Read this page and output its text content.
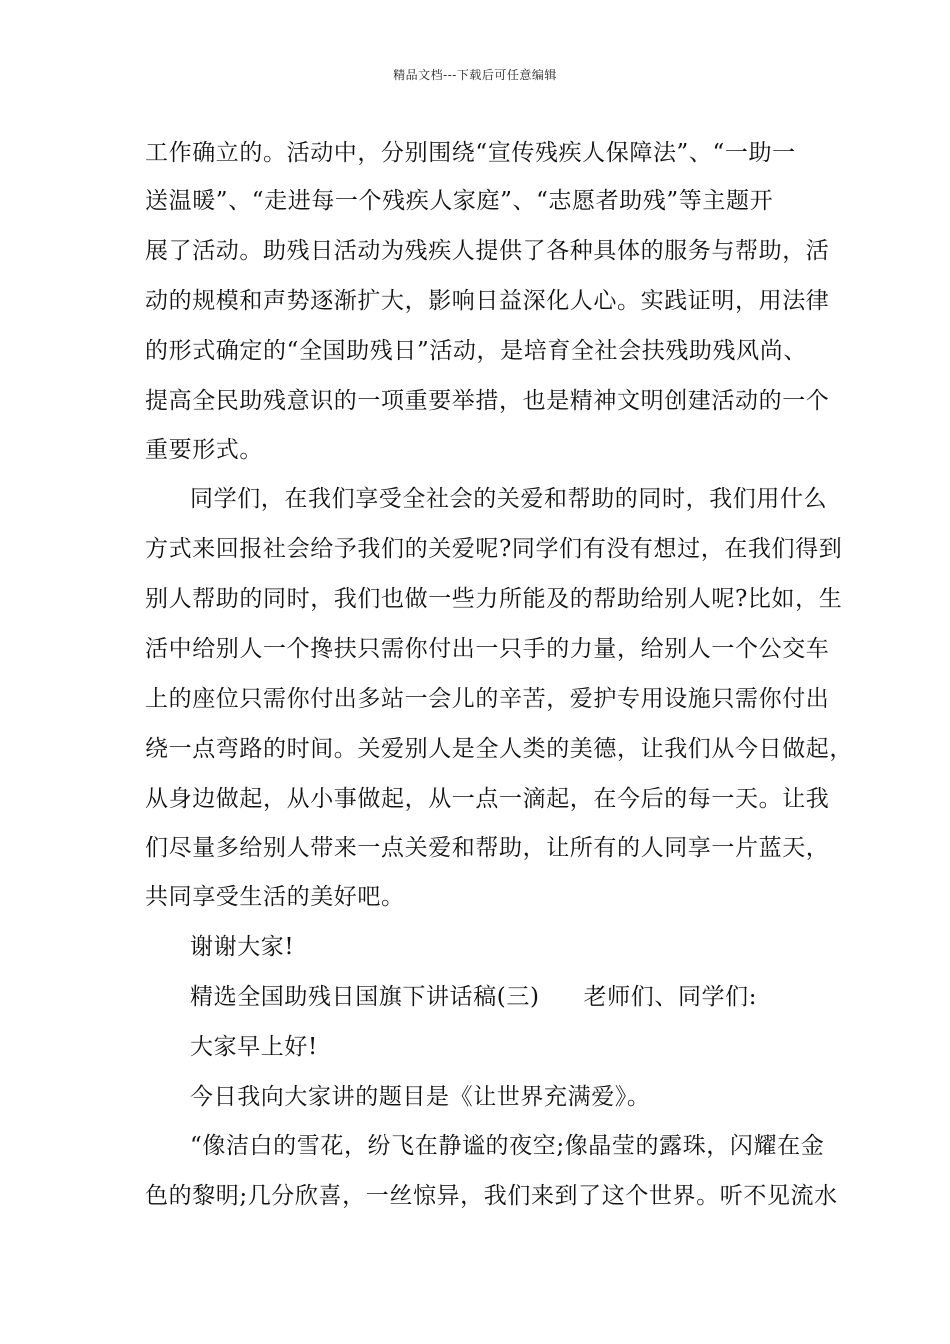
精品文档---下载后可任意编辑
工作确立的。活动中，分别围绕“宣传残疾人保障法”、“一助一
送温暖”、“走进每一个残疾人家庭”、“志愿者助残”等主题开
展了活动。助残日活动为残疾人提供了各种具体的服务与帮助，活
动的规模和声势逐渐扩大，影响日益深化人心。实践证明，用法律
的形式确定的“全国助残日”活动，是培育全社会扶残助残风尚、
提高全民助残意识的一项重要举措，也是精神文明创建活动的一个
重要形式。
同学们，在我们享受全社会的关爱和帮助的同时，我们用什么
方式来回报社会给予我们的关爱呢?同学们有没有想过，在我们得到
别人帮助的同时，我们也做一些力所能及的帮助给别人呢?比如，生
活中给别人一个搀扶只需你付出一只手的力量，给别人一个公交车
上的座位只需你付出多站一会儿的辛苦，爱护专用设施只需你付出
绕一点弯路的时间。关爱别人是全人类的美德，让我们从今日做起，
从身边做起，从小事做起，从一点一滴起，在今后的每一天。让我
们尽量多给别人带来一点关爱和帮助，让所有的人同享一片蓝天，
共同享受生活的美好吧。
谢谢大家!
精选全国助残日国旗下讲话稿(三) 老师们、同学们:
大家早上好!
今日我向大家讲的题目是《让世界充满爱》。
“像洁白的雪花，纷飞在静谧的夜空;像晶莹的露珠，闪耀在金
色的黎明;几分欣喜，一丝惊异，我们来到了这个世界。听不见流水
